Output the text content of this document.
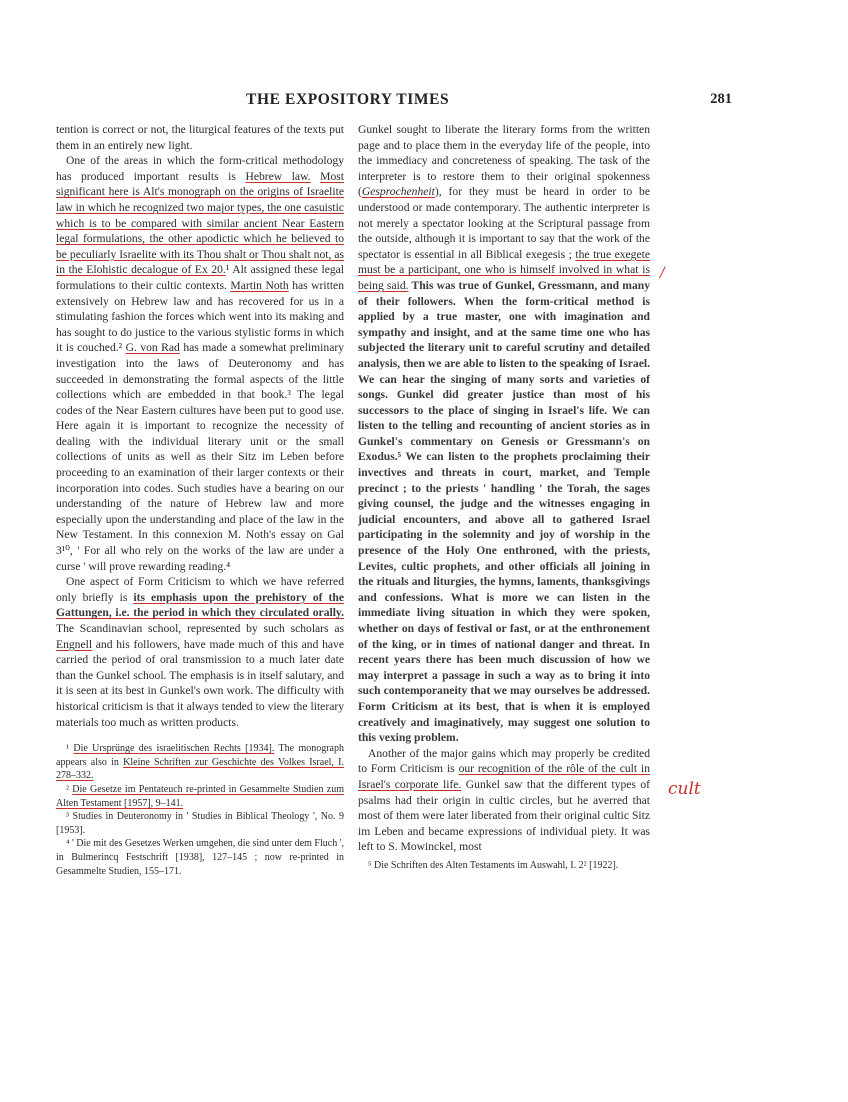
THE EXPOSITORY TIMES	281

tention is correct or not, the liturgical features of the texts put them in an entirely new light.

One of the areas in which the form-critical methodology has produced important results is Hebrew law. Most significant here is Alt's monograph on the origins of Israelite law in which he recognized two major types, the one casuistic which is to be compared with similar ancient Near Eastern legal formulations, the other apodictic which he believed to be peculiarly Israelite with its Thou shalt or Thou shalt not, as in the Elohistic decalogue of Ex 20.¹ Alt assigned these legal formulations to their cultic contexts. Martin Noth has written extensively on Hebrew law and has recovered for us in a stimulating fashion the forces which went into its making and has sought to do justice to the various stylistic forms in which it is couched.² G. von Rad has made a somewhat preliminary investigation into the laws of Deuteronomy and has succeeded in demonstrating the formal aspects of the little collections which are embedded in that book.³ The legal codes of the Near Eastern cultures have been put to good use. Here again it is important to recognize the necessity of dealing with the individual literary unit or the small collections of units as well as their Sitz im Leben before proceeding to an examination of their larger contexts or their incorporation into codes. Such studies have a bearing on our understanding of the nature of Hebrew law and more especially upon the understanding and place of the law in the New Testament. In this connexion M. Noth's essay on Gal 3¹⁰, ' For all who rely on the works of the law are under a curse ' will prove rewarding reading.⁴

One aspect of Form Criticism to which we have referred only briefly is its emphasis upon the prehistory of the Gattungen, i.e. the period in which they circulated orally. The Scandinavian school, represented by such scholars as Engnell and his followers, have made much of this and have carried the period of oral transmission to a much later date than the Gunkel school. The emphasis is in itself salutary, and it is seen at its best in Gunkel's own work. The difficulty with historical criticism is that it always tended to view the literary materials too much as written products.

¹ Die Ursprünge des israelitischen Rechts [1934]. The monograph appears also in Kleine Schriften zur Geschichte des Volkes Israel, I. 278–332.

² Die Gesetze im Pentateuch re-printed in Gesammelte Studien zum Alten Testament [1957], 9–141.

³ Studies in Deuteronomy in ' Studies in Biblical Theology ', No. 9 [1953].

⁴ ' Die mit des Gesetzes Werken umgehen, die sind unter dem Fluch ', in Bulmerincq Festschrift [1938], 127–145 ; now re-printed in Gesammelte Studien, 155–171.

Gunkel sought to liberate the literary forms from the written page and to place them in the everyday life of the people, into the immediacy and concreteness of speaking. The task of the interpreter is to restore them to their original spokenness (Gesprochenheit), for they must be heard in order to be understood or made contemporary. The authentic interpreter is not merely a spectator looking at the Scriptural passage from the outside, although it is important to say that the work of the spectator is essential in all Biblical exegesis ; the true exegete must be a participant, one who is himself involved in what is being said. This was true of Gunkel, Gressmann, and many of their followers. When the form-critical method is applied by a true master, one with imagination and sympathy and insight, and at the same time one who has subjected the literary unit to careful scrutiny and detailed analysis, then we are able to listen to the speaking of Israel. We can hear the singing of many sorts and varieties of songs. Gunkel did greater justice than most of his successors to the place of singing in Israel's life. We can listen to the telling and recounting of ancient stories as in Gunkel's commentary on Genesis or Gressmann's on Exodus.⁵ We can listen to the prophets proclaiming their invectives and threats in court, market, and Temple precinct ; to the priests ' handling ' the Torah, the sages giving counsel, the judge and the witnesses engaging in judicial encounters, and above all to gathered Israel participating in the solemnity and joy of worship in the presence of the Holy One enthroned, with the priests, Levites, cultic prophets, and other officials all joining in the rituals and liturgies, the hymns, laments, thanksgivings and confessions. What is more we can listen in the immediate living situation in which they were spoken, whether on days of festival or fast, or at the enthronement of the king, or in times of national danger and threat. In recent years there has been much discussion of how we may interpret a passage in such a way as to bring it into such contemporaneity that we may ourselves be addressed. Form Criticism at its best, that is when it is employed creatively and imaginatively, may suggest one solution to this vexing problem.

Another of the major gains which may properly be credited to Form Criticism is our recognition of the rôle of the cult in Israel's corporate life. Gunkel saw that the different types of psalms had their origin in cultic circles, but he averred that most of them were later liberated from their original cultic Sitz im Leben and became expressions of individual piety. It was left to S. Mowinckel, most

⁵ Die Schriften des Alten Testaments im Auswahl, I. 2² [1922].

/
cult
